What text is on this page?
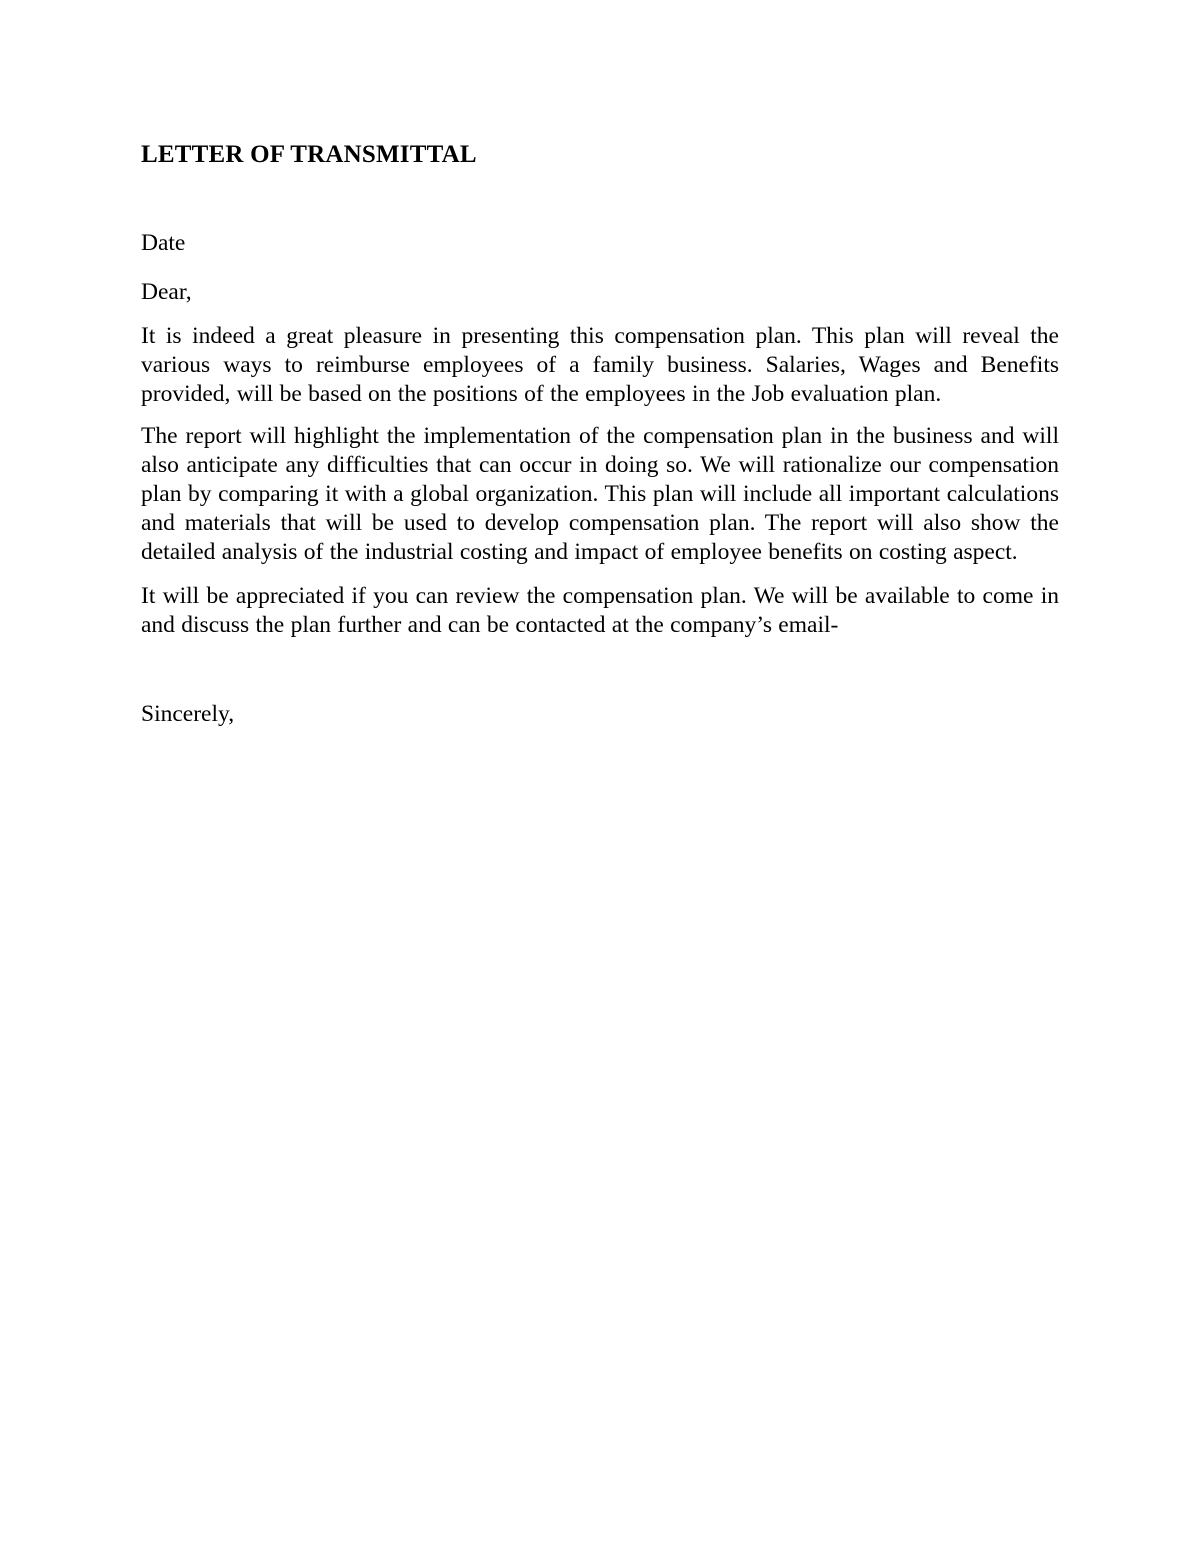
LETTER OF TRANSMITTAL

Date

Dear,

It is indeed a great pleasure in presenting this compensation plan. This plan will reveal the
various ways to reimburse employees of a family business. Salaries, Wages and Benefits
provided, will be based on the positions of the employees in the Job evaluation plan.
The report will highlight the implementation of the compensation plan in the business and will
also anticipate any difficulties that can occur in doing so. We will rationalize our compensation
plan by comparing it with a global organization. This plan will include all important calculations
and materials that will be used to develop compensation plan. The report will also show the
detailed analysis of the industrial costing and impact of employee benefits on costing aspect.
It will be appreciated if you can review the compensation plan. We will be available to come in
and discuss the plan further and can be contacted at the company’s email-

Sincerely,
